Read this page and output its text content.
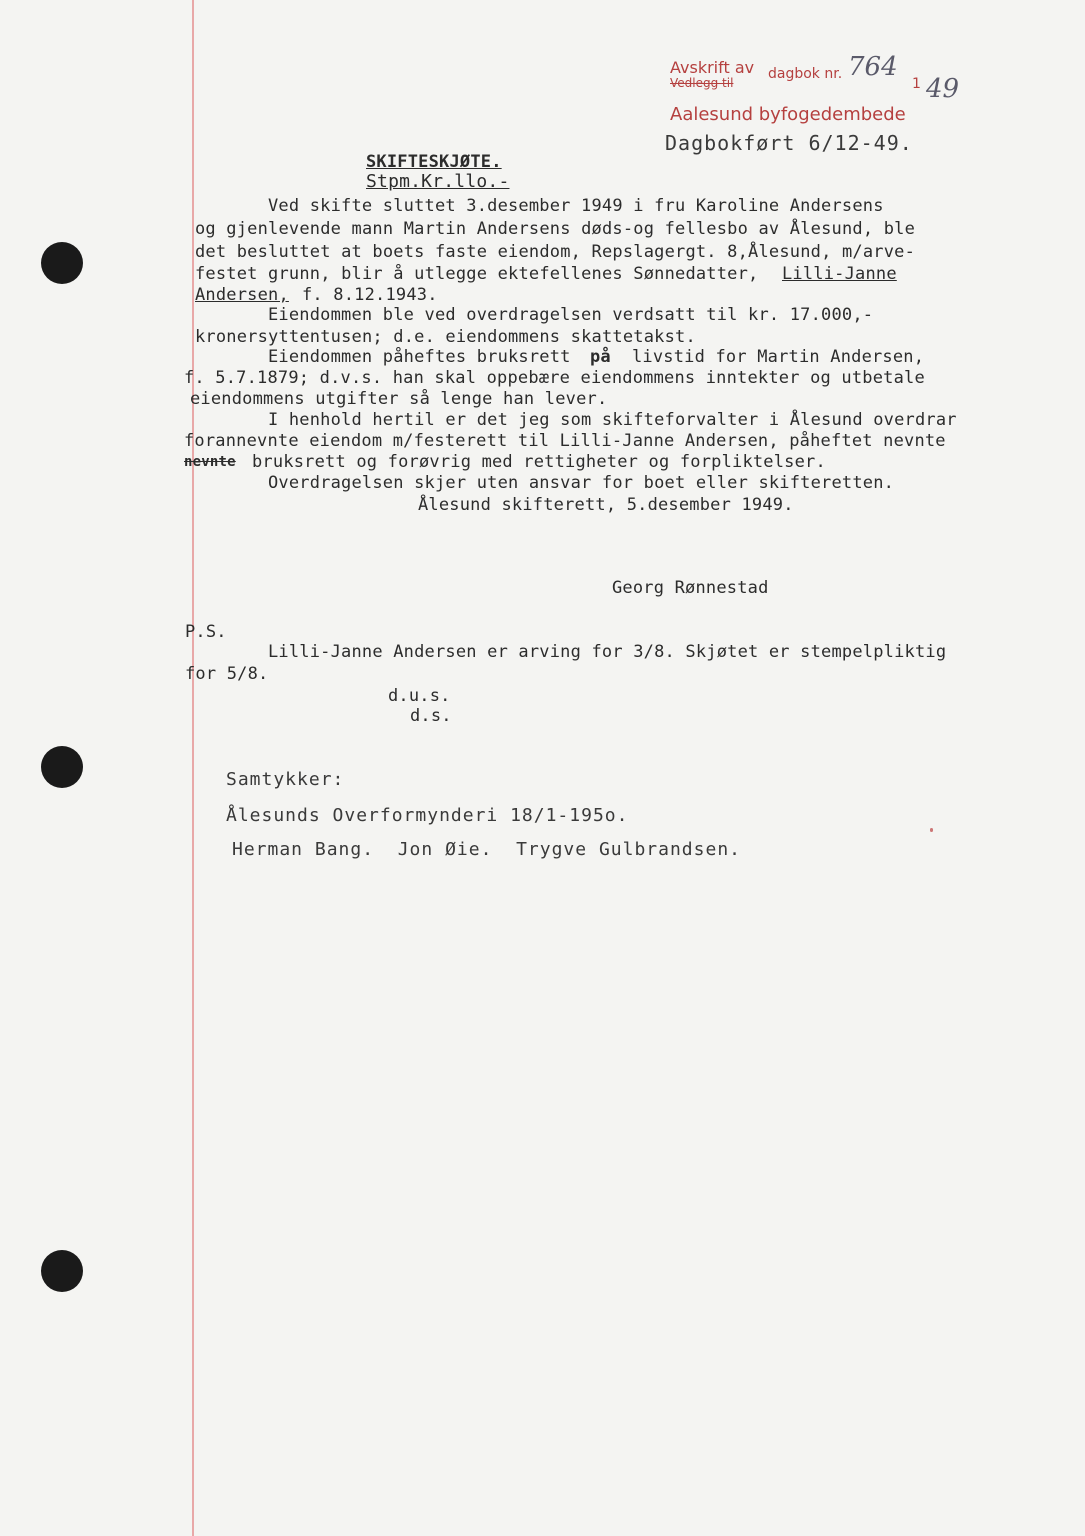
Avskrift av
Vedlegg til
dagbok nr. 764
1 49
Aalesund byfogedembede
Dagbokført 6/12-49.
SKIFTESKJØTE.
Stpm.Kr.llo.-
Ved skifte sluttet 3.desember 1949 i fru Karoline Andersens
og gjenlevende mann Martin Andersens døds-og fellesbo av Ålesund, ble
det besluttet at boets faste eiendom, Repslagergt. 8,Ålesund, m/arve-
festet grunn, blir å utlegge ektefellenes Sønnedatter, Lilli-Janne
Andersen, f. 8.12.1943.
Eiendommen ble ved overdragelsen verdsatt til kr. 17.000,-
kronersyttentusen; d.e. eiendommens skattetakst.
Eiendommen påheftes bruksrett på livstid for Martin Andersen,
f. 5.7.1879; d.v.s. han skal oppebære eiendommens inntekter og utbetale
eiendommens utgifter så lenge han lever.
I henhold hertil er det jeg som skifteforvalter i Ålesund overdrar
forannevnte eiendom m/festerett til Lilli-Janne Andersen, påheftet nevnte
nevnte bruksrett og forøvrig med rettigheter og forpliktelser.
Overdragelsen skjer uten ansvar for boet eller skifteretten.
Ålesund skifterett, 5.desember 1949.
Georg Rønnestad
P.S.
Lilli-Janne Andersen er arving for 3/8. Skjøtet er stempelpliktig
for 5/8.
d.u.s.
d.s.
Samtykker:
Ålesunds Overformynderi 18/1-195o.
Herman Bang.  Jon Øie.  Trygve Gulbrandsen.
